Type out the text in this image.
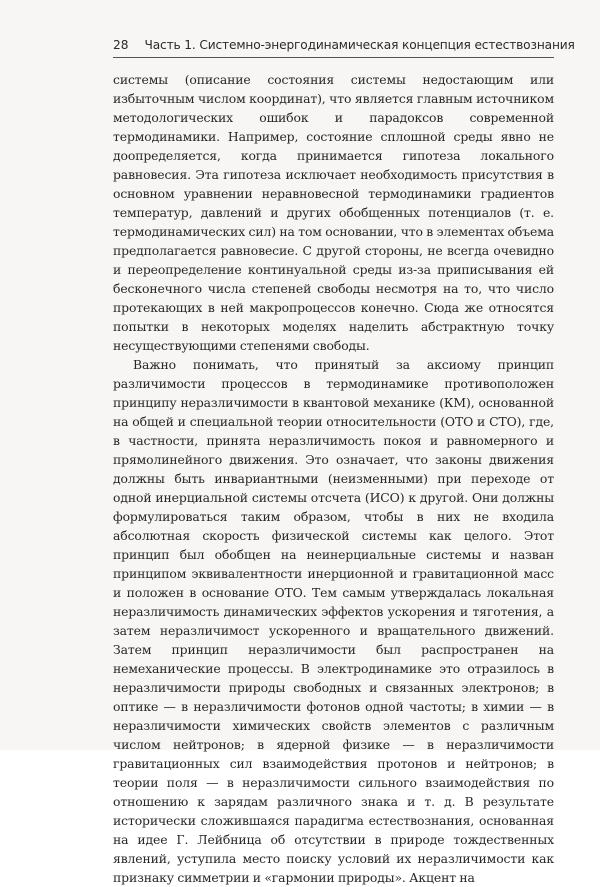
28 Часть 1. Системно-энергодинамическая концепция естествознания

системы (описание состояния системы недостающим или избыточным числом координат), что является главным источником методологических ошибок и парадоксов современной термодинамики. Например, состояние сплошной среды явно не доопределяется, когда принимается гипотеза локального равновесия. Эта гипотеза исключает необходимость присутствия в основном уравнении неравновесной термодинамики градиентов температур, давлений и других обобщенных потенциалов (т. е. термодинамических сил) на том основании, что в элементах объема предполагается равновесие. С другой стороны, не всегда очевидно и переопределение континуальной среды из-за приписывания ей бесконечного числа степеней свободы несмотря на то, что число протекающих в ней макропроцессов конечно. Сюда же относятся попытки в некоторых моделях наделить абстрактную точку несуществующими степенями свободы.

Важно понимать, что принятый за аксиому принцип различимости процессов в термодинамике противоположен принципу неразличимости в квантовой механике (КМ), основанной на общей и специальной теории относительности (ОТО и СТО), где, в частности, принята неразличимость покоя и равномерного и прямолинейного движения. Это означает, что законы движения должны быть инвариантными (неизменными) при переходе от одной инерциальной системы отсчета (ИСО) к другой. Они должны формулироваться таким образом, чтобы в них не входила абсолютная скорость физической системы как целого. Этот принцип был обобщен на неинерциальные системы и назван принципом эквивалентности инерционной и гравитационной масс и положен в основание ОТО. Тем самым утверждалась локальная неразличимость динамических эффектов ускорения и тяготения, а затем неразличимост ускоренного и вращательного движений. Затем принцип неразличимости был распространен на немеханические процессы. В электродинамике это отразилось в неразличимости природы свободных и связанных электронов; в оптике — в неразличимости фотонов одной частоты; в химии — в неразличимости химических свойств элементов с различным числом нейтронов; в ядерной физике — в неразличимости гравитационных сил взаимодействия протонов и нейтронов; в теории поля — в неразличимости сильного взаимодействия по отношению к зарядам различного знака и т. д. В результате исторически сложившаяся парадигма естествознания, основанная на идее Г. Лейбница об отсутствии в природе тождественных явлений, уступила место поиску условий их неразличимости как признаку симметрии и «гармонии природы». Акцент на
